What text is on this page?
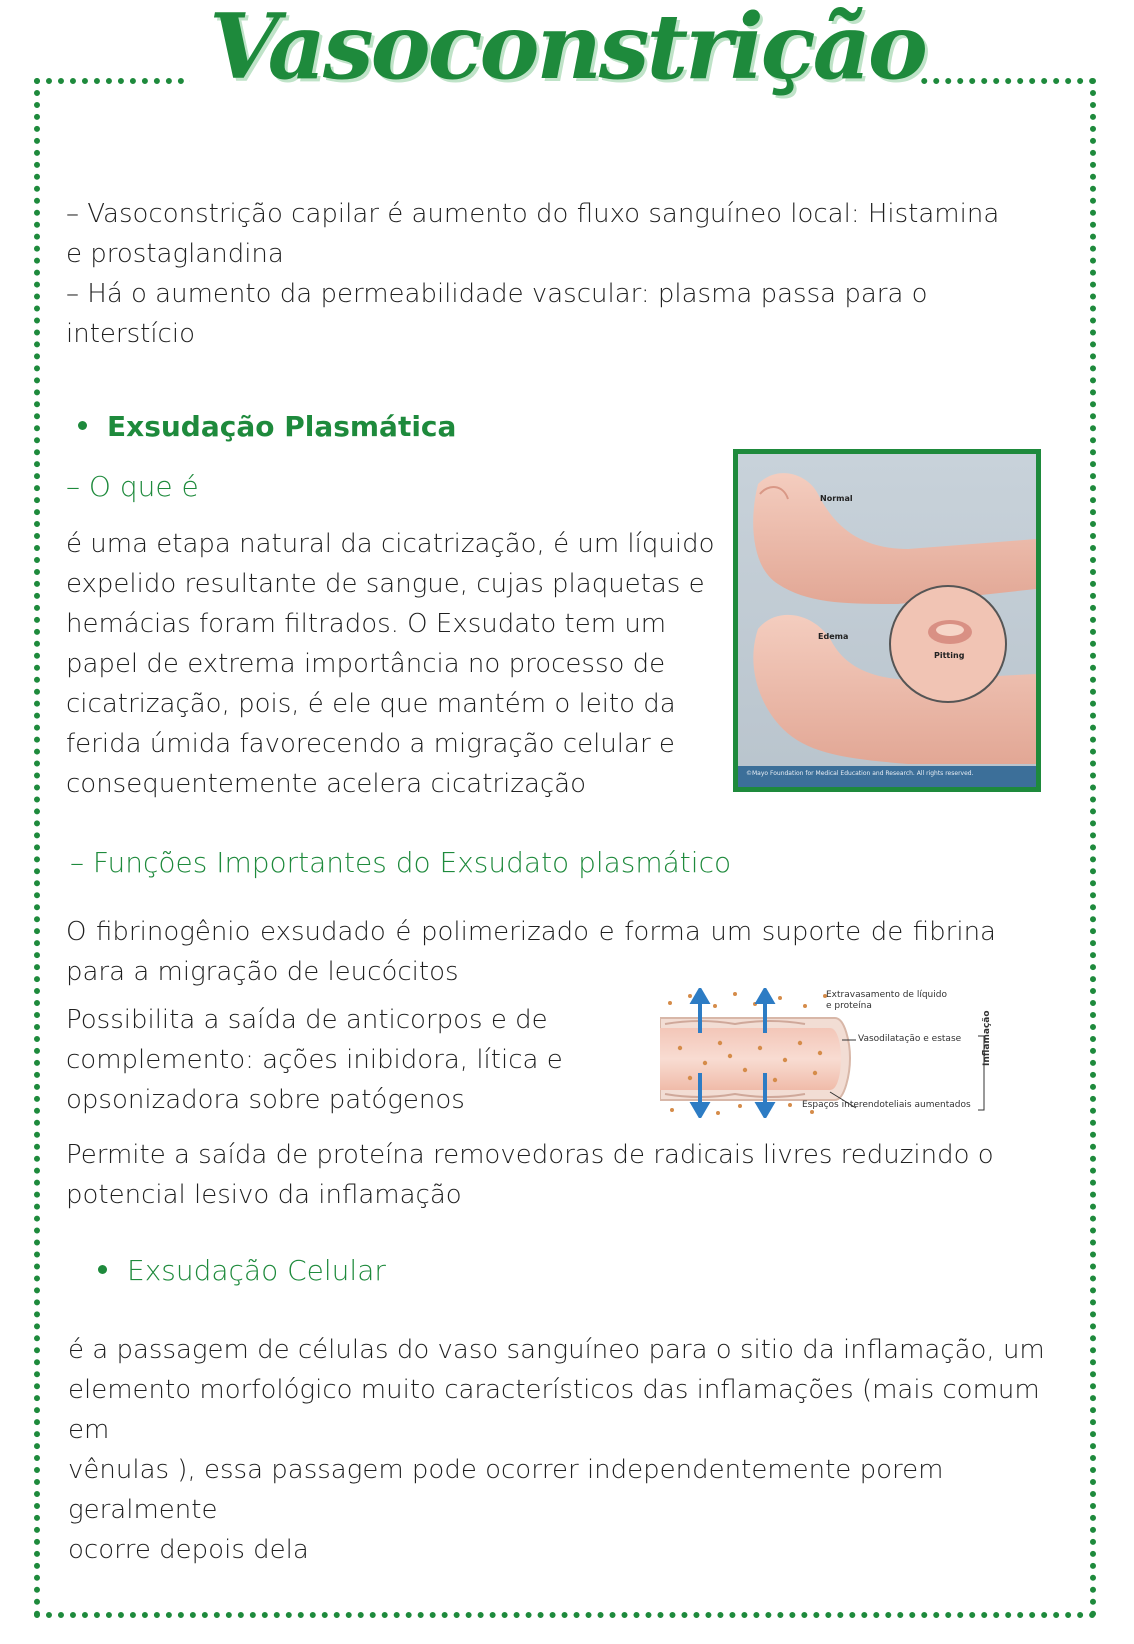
Vasoconstrição
– Vasoconstrição capilar é aumento do fluxo sanguíneo local: Histamina
e prostaglandina
– Há o aumento da permeabilidade vascular: plasma passa para o
interstício
Exsudação Plasmática
– O que é
é uma etapa natural da cicatrização, é um líquido
expelido resultante de sangue, cujas plaquetas e
hemácias foram filtrados. O Exsudato tem um
papel de extrema importância no processo de
cicatrização, pois, é ele que mantém o leito da
ferida úmida favorecendo a migração celular e
consequentemente acelera cicatrização
Normal
Edema
Pitting
©Mayo Foundation for Medical Education and Research. All rights reserved.
– Funções Importantes do Exsudato plasmático
O fibrinogênio exsudado é polimerizado e forma um suporte de fibrina
para a migração de leucócitos
Possibilita a saída de anticorpos e de
complemento: ações inibidora, lítica e
opsonizadora sobre patógenos
Extravasamento de líquido
e proteína
Vasodilatação e estase
Espaços interendoteliais aumentados
Inflamação
Permite a saída de proteína removedoras de radicais livres reduzindo o
potencial lesivo da inflamação
Exsudação Celular
é a passagem de células do vaso sanguíneo para o sitio da inflamação, um
elemento morfológico muito característicos das inflamações (mais comum em
vênulas ), essa passagem pode ocorrer independentemente porem geralmente
ocorre depois dela
